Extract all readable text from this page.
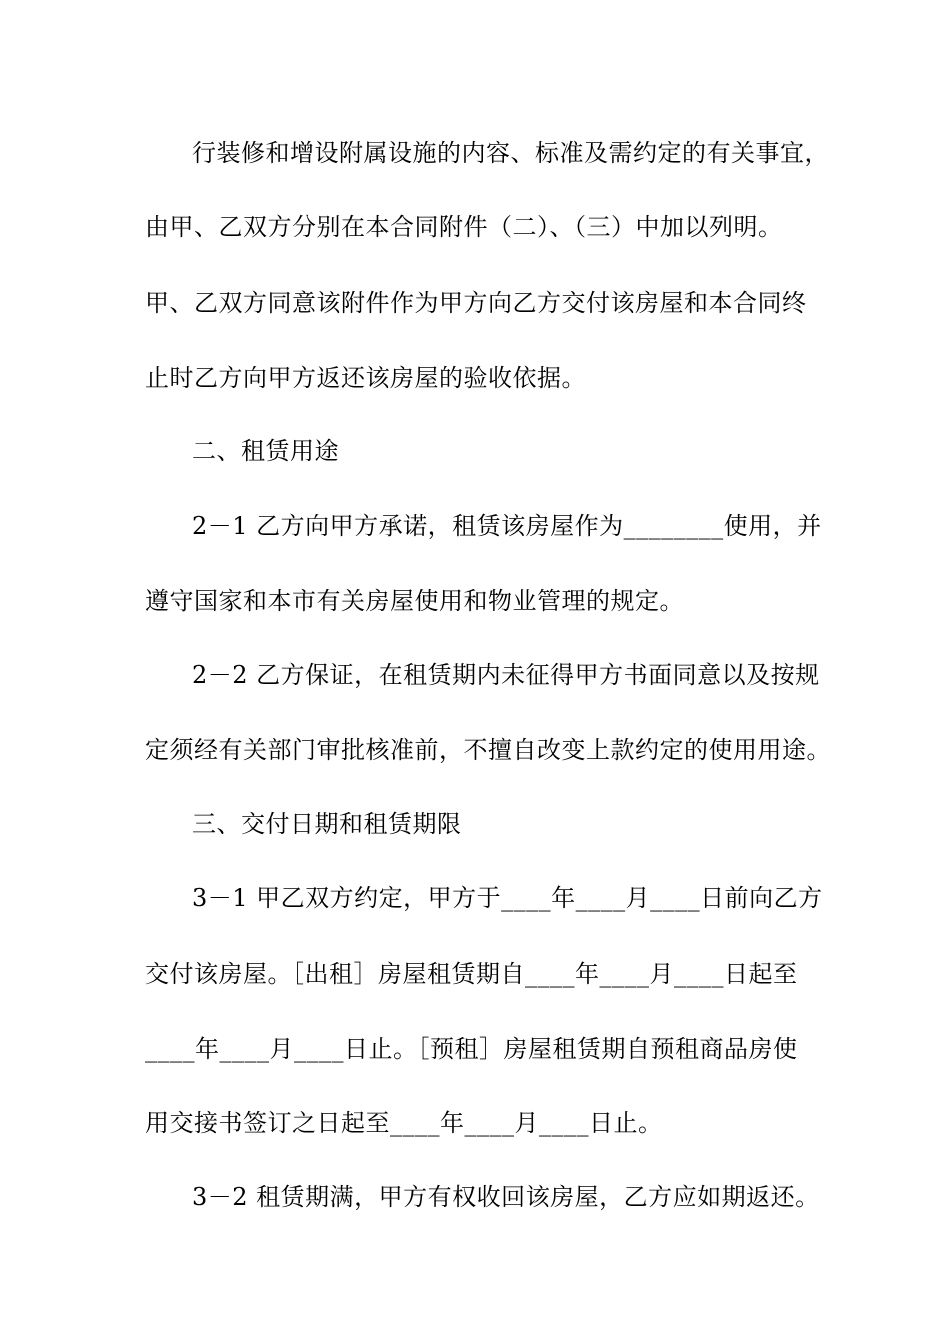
行装修和增设附属设施的内容、标准及需约定的有关事宜，
由甲、乙双方分别在本合同附件（二）、（三）中加以列明。
甲、乙双方同意该附件作为甲方向乙方交付该房屋和本合同终
止时乙方向甲方返还该房屋的验收依据。
二、租赁用途
2－1 乙方向甲方承诺，租赁该房屋作为________使用，并
遵守国家和本市有关房屋使用和物业管理的规定。
2－2 乙方保证，在租赁期内未征得甲方书面同意以及按规
定须经有关部门审批核准前，不擅自改变上款约定的使用用途。
三、交付日期和租赁期限
3－1 甲乙双方约定，甲方于____年____月____日前向乙方
交付该房屋。［出租］房屋租赁期自____年____月____日起至
____年____月____日止。［预租］房屋租赁期自预租商品房使
用交接书签订之日起至____年____月____日止。
3－2 租赁期满，甲方有权收回该房屋，乙方应如期返还。
